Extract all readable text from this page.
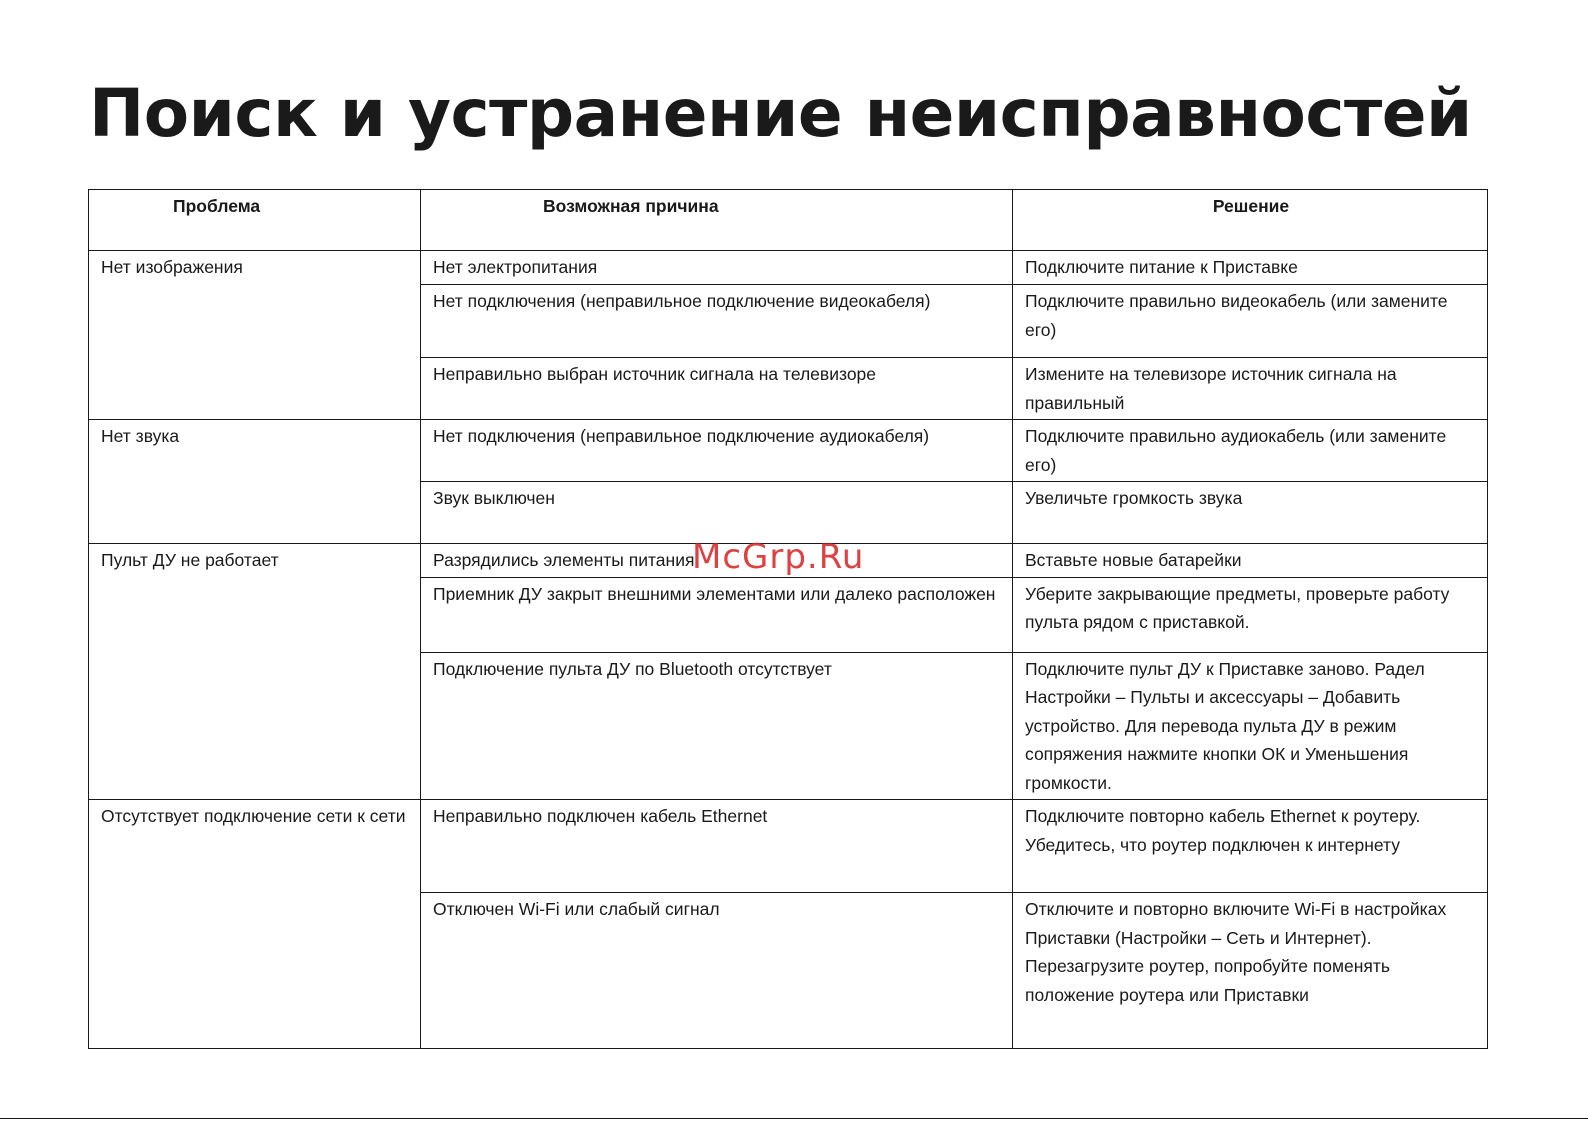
Поиск и устранение неисправностей
Проблема	Возможная причина	Решение
Нет изображения	Нет электропитания	Подключите питание к Приставке
	Нет подключения (неправильное подключение видеокабеля)	Подключите правильно видеокабель (или замените его)
	Неправильно выбран источник сигнала на телевизоре	Измените на телевизоре источник сигнала на правильный
Нет звука	Нет подключения (неправильное подключение аудиокабеля)	Подключите правильно аудиокабель (или замените его)
	Звук выключен	Увеличьте громкость звука
Пульт ДУ не работает	Разрядились элементы питания	Вставьте новые батарейки
	Приемник ДУ закрыт внешними элементами или далеко расположен	Уберите закрывающие предметы, проверьте работу пульта рядом с приставкой.
	Подключение пульта ДУ по Bluetooth отсутствует	Подключите пульт ДУ к Приставке заново. Радел Настройки – Пульты и аксессуары – Добавить устройство. Для перевода пульта ДУ в режим сопряжения нажмите кнопки ОК и Уменьшения громкости.
Отсутствует подключение сети к сети	Неправильно подключен кабель Ethernet	Подключите повторно кабель Ethernet к роутеру. Убедитесь, что роутер подключен к интернету
	Отключен Wi-Fi или слабый сигнал	Отключите и повторно включите Wi-Fi в настройках Приставки (Настройки – Сеть и Интернет). Перезагрузите роутер, попробуйте поменять положение роутера или Приставки
McGrp.Ru
